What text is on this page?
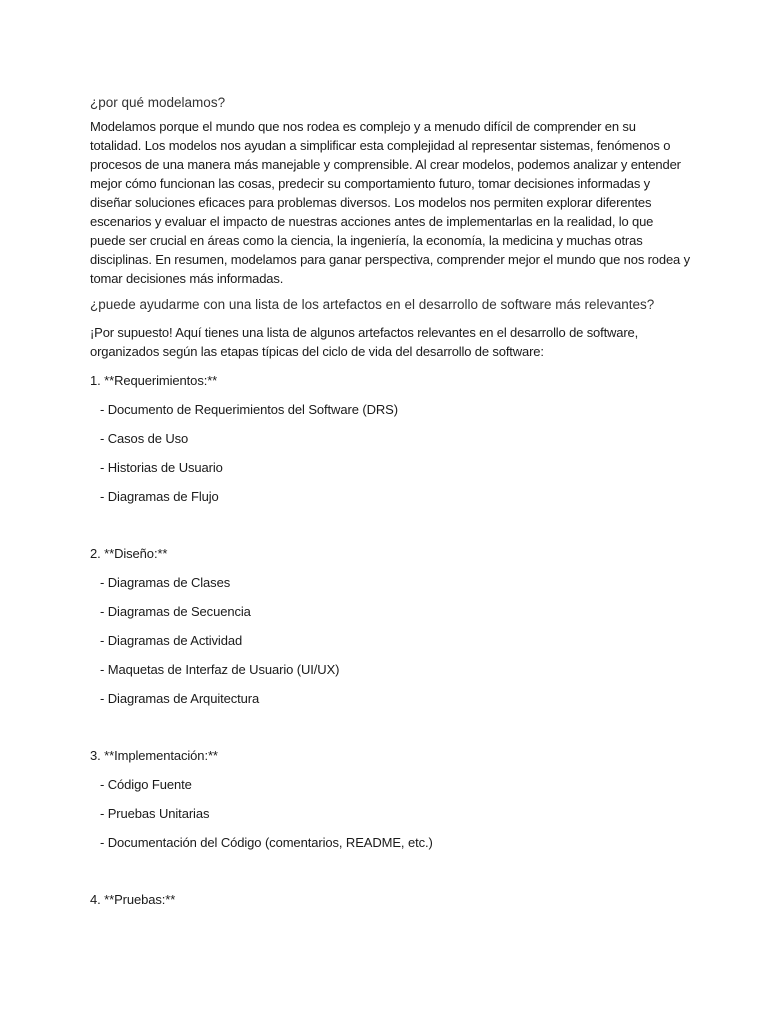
¿por qué modelamos?

Modelamos porque el mundo que nos rodea es complejo y a menudo difícil de comprender en su totalidad. Los modelos nos ayudan a simplificar esta complejidad al representar sistemas, fenómenos o procesos de una manera más manejable y comprensible. Al crear modelos, podemos analizar y entender mejor cómo funcionan las cosas, predecir su comportamiento futuro, tomar decisiones informadas y diseñar soluciones eficaces para problemas diversos. Los modelos nos permiten explorar diferentes escenarios y evaluar el impacto de nuestras acciones antes de implementarlas en la realidad, lo que puede ser crucial en áreas como la ciencia, la ingeniería, la economía, la medicina y muchas otras disciplinas. En resumen, modelamos para ganar perspectiva, comprender mejor el mundo que nos rodea y tomar decisiones más informadas.

¿puede ayudarme con una lista de los artefactos en el desarrollo de software más relevantes?

¡Por supuesto! Aquí tienes una lista de algunos artefactos relevantes en el desarrollo de software, organizados según las etapas típicas del ciclo de vida del desarrollo de software:

1. **Requerimientos:**

- Documento de Requerimientos del Software (DRS)

- Casos de Uso

- Historias de Usuario

- Diagramas de Flujo

2. **Diseño:**

- Diagramas de Clases

- Diagramas de Secuencia

- Diagramas de Actividad

- Maquetas de Interfaz de Usuario (UI/UX)

- Diagramas de Arquitectura

3. **Implementación:**

- Código Fuente

- Pruebas Unitarias

- Documentación del Código (comentarios, README, etc.)

4. **Pruebas:**
